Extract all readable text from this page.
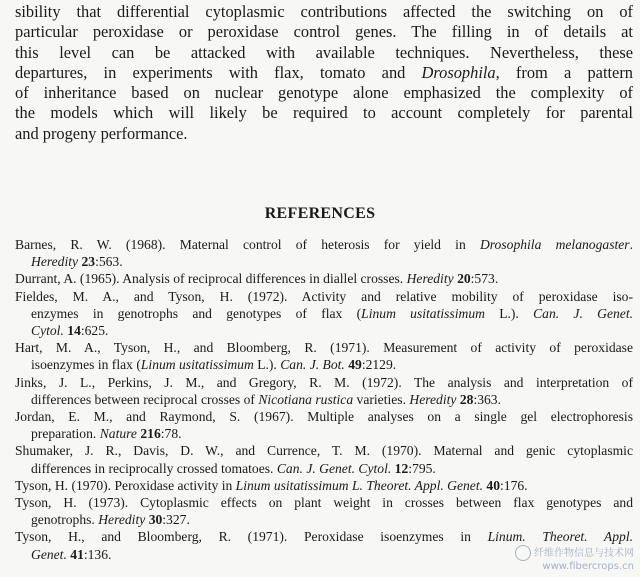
sibility that differential cytoplasmic contributions affected the switching on of
particular peroxidase or peroxidase control genes. The filling in of details at
this level can be attacked with available techniques. Nevertheless, these
departures, in experiments with flax, tomato and Drosophila, from a pattern
of inheritance based on nuclear genotype alone emphasized the complexity of
the models which will likely be required to account completely for parental
and progeny performance.
REFERENCES
Barnes, R. W. (1968). Maternal control of heterosis for yield in Drosophila melanogaster.
Heredity 23:563.
Durrant, A. (1965). Analysis of reciprocal differences in diallel crosses. Heredity 20:573.
Fieldes, M. A., and Tyson, H. (1972). Activity and relative mobility of peroxidase iso-
enzymes in genotrophs and genotypes of flax (Linum usitatissimum L.). Can. J. Genet.
Cytol. 14:625.
Hart, M. A., Tyson, H., and Bloomberg, R. (1971). Measurement of activity of peroxidase
isoenzymes in flax (Linum usitatissimum L.). Can. J. Bot. 49:2129.
Jinks, J. L., Perkins, J. M., and Gregory, R. M. (1972). The analysis and interpretation of
differences between reciprocal crosses of Nicotiana rustica varieties. Heredity 28:363.
Jordan, E. M., and Raymond, S. (1967). Multiple analyses on a single gel electrophoresis
preparation. Nature 216:78.
Shumaker, J. R., Davis, D. W., and Currence, T. M. (1970). Maternal and genic cytoplasmic
differences in reciprocally crossed tomatoes. Can. J. Genet. Cytol. 12:795.
Tyson, H. (1970). Peroxidase activity in Linum usitatissimum L. Theoret. Appl. Genet. 40:176.
Tyson, H. (1973). Cytoplasmic effects on plant weight in crosses between flax genotypes and
genotrophs. Heredity 30:327.
Tyson, H., and Bloomberg, R. (1971). Peroxidase isoenzymes in Linum. Theoret. Appl.
Genet. 41:136.	纤维作物信息与技术网
www.fibercrops.cn
